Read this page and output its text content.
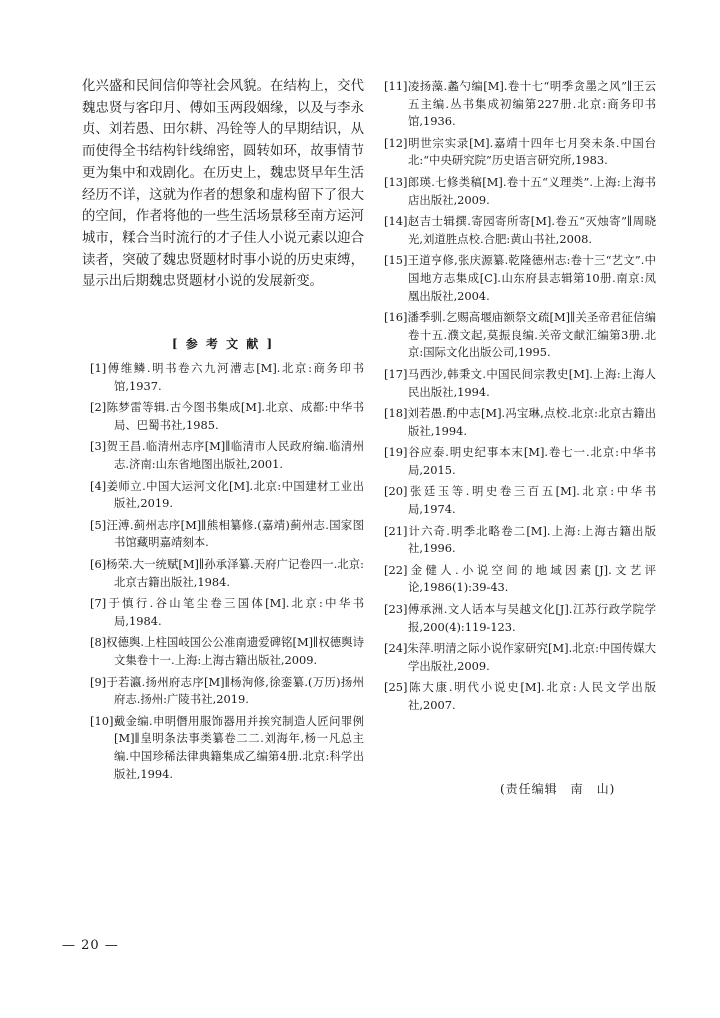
化兴盛和民间信仰等社会风貌。在结构上，交代魏忠贤与客印月、傅如玉两段姻缘，以及与李永贞、刘若愚、田尔耕、冯铨等人的早期结识，从而使得全书结构针线绵密，圆转如环，故事情节更为集中和戏剧化。在历史上，魏忠贤早年生活经历不详，这就为作者的想象和虚构留下了很大的空间，作者将他的一些生活场景移至南方运河城市，糅合当时流行的才子佳人小说元素以迎合读者，突破了魏忠贤题材时事小说的历史束缚，显示出后期魏忠贤题材小说的发展新变。

[ 参 考 文 献 ]
[1]傅维鳞.明书卷六九河漕志[M].北京:商务印书馆,1937.
[2]陈梦雷等辑.古今图书集成[M].北京、成都:中华书局、巴蜀书社,1985.
[3]贺王昌.临清州志序[M]∥临清市人民政府编.临清州志.济南:山东省地图出版社,2001.
[4]姜师立.中国大运河文化[M].北京:中国建材工业出版社,2019.
[5]汪溥.蓟州志序[M]∥熊相纂修.(嘉靖)蓟州志.国家图书馆藏明嘉靖刻本.
[6]杨荣.大一统赋[M]∥孙承泽纂.天府广记卷四一.北京:北京古籍出版社,1984.
[7]于慎行.谷山笔尘卷三国体[M].北京:中华书局,1984.
[8]权德舆.上柱国岐国公公准南遗爱碑铭[M]∥权德舆诗文集卷十一.上海:上海古籍出版社,2009.
[9]于若瀛.扬州府志序[M]∥杨洵修,徐銮纂.(万历)扬州府志.扬州:广陵书社,2019.
[10]戴金编.申明僭用服饰器用并挨究制造人匠问罪例[M]∥皇明条法事类纂卷二二.刘海年,杨一凡总主编.中国珍稀法律典籍集成乙编第4册.北京:科学出版社,1994.
[11]凌扬藻.蠡勺编[M].卷十七“明季贪墨之风”∥王云五主编.丛书集成初编第227册.北京:商务印书馆,1936.
[12]明世宗实录[M].嘉靖十四年七月癸未条.中国台北:“中央研究院”历史语言研究所,1983.
[13]郎瑛.七修类稿[M].卷十五“义理类”.上海:上海书店出版社,2009.
[14]赵吉士辑撰.寄园寄所寄[M].卷五“灭烛寄”∥周晓光,刘道胜点校.合肥:黄山书社,2008.
[15]王道亨修,张庆源纂.乾隆德州志:卷十三“艺文”.中国地方志集成[C].山东府县志辑第10册.南京:凤凰出版社,2004.
[16]潘季驯.乞赐高堰庙额祭文疏[M]∥关圣帝君征信编卷十五.濮文起,莫振良编.关帝文献汇编第3册.北京:国际文化出版公司,1995.
[17]马西沙,韩秉文.中国民间宗教史[M].上海:上海人民出版社,1994.
[18]刘若愚.酌中志[M].冯宝琳,点校.北京:北京古籍出版社,1994.
[19]谷应泰.明史纪事本末[M].卷七一.北京:中华书局,2015.
[20]张廷玉等.明史卷三百五[M].北京:中华书局,1974.
[21]计六奇.明季北略卷二[M].上海:上海古籍出版社,1996.
[22]金健人.小说空间的地域因素[J].文艺评论,1986(1):39-43.
[23]傅承洲.文人话本与吴越文化[J].江苏行政学院学报,200(4):119-123.
[24]朱萍.明清之际小说作家研究[M].北京:中国传媒大学出版社,2009.
[25]陈大康.明代小说史[M].北京:人民文学出版社,2007.
(责任编辑　南　山)
— 20 —
